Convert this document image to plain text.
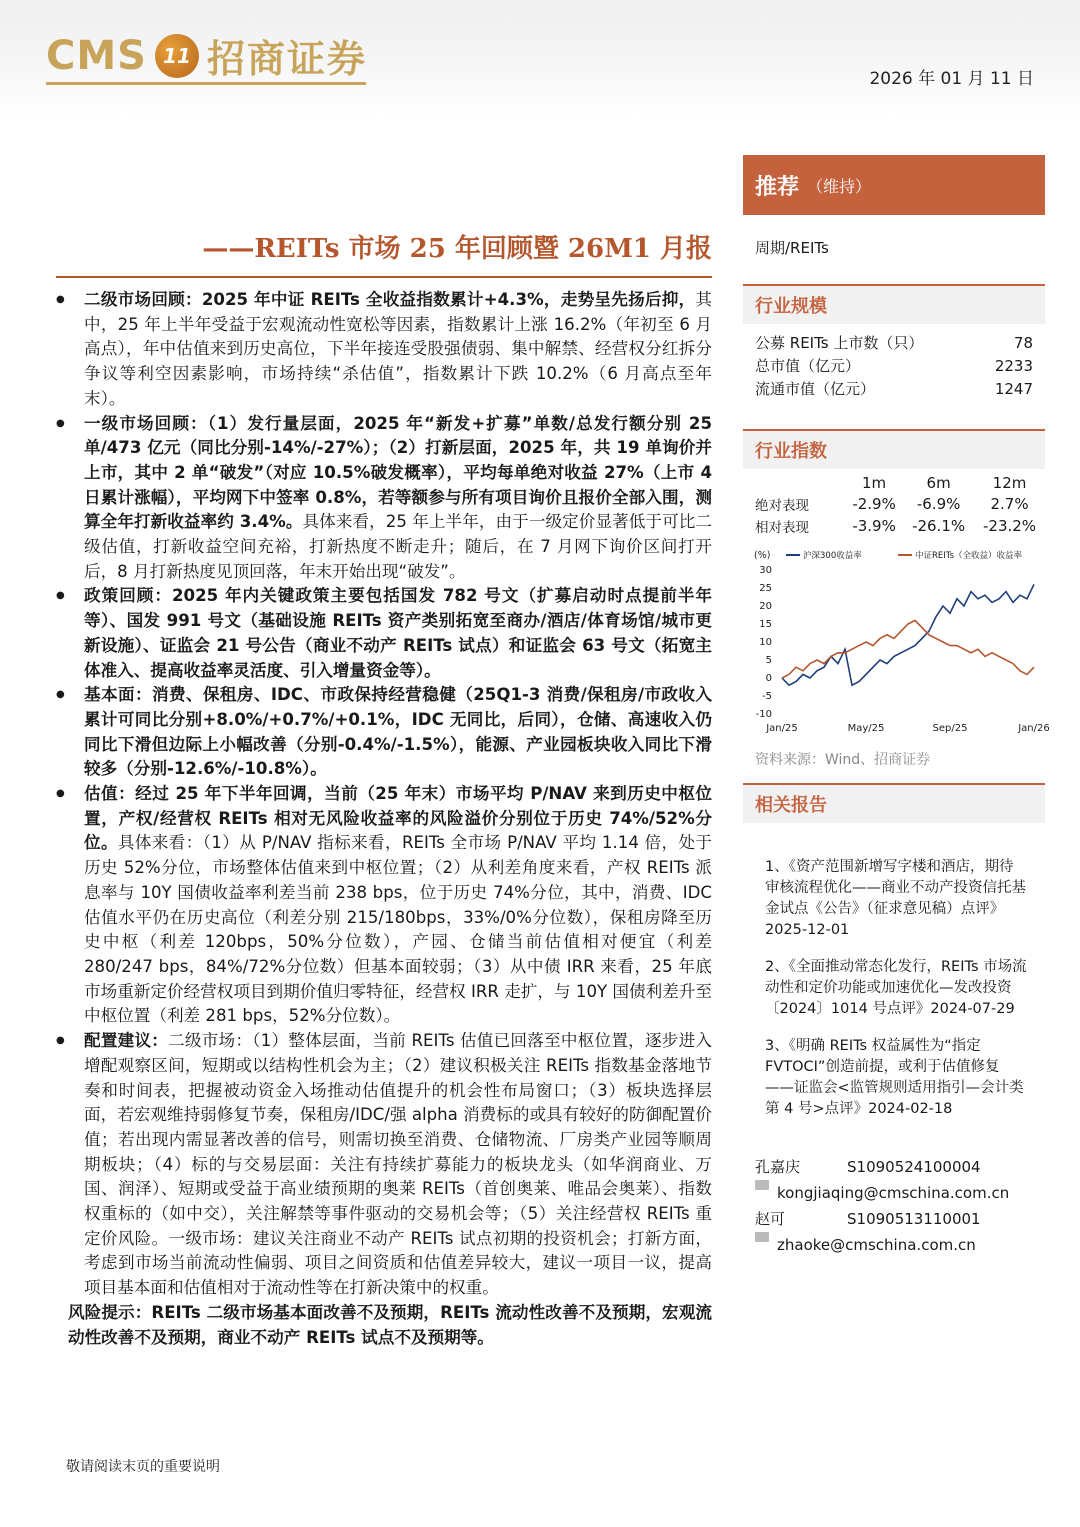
CMS 11 招商证券	2026 年 01 月 11 日
——REITs 市场 25 年回顾暨 26M1 月报
● 二级市场回顾：2025 年中证 REITs 全收益指数累计+4.3%，走势呈先扬后抑，其中，25 年上半年受益于宏观流动性宽松等因素，指数累计上涨 16.2%（年初至 6 月高点），年中估值来到历史高位，下半年接连受股强债弱、集中解禁、经营权分红拆分争议等利空因素影响，市场持续“杀估值”，指数累计下跌 10.2%（6 月高点至年末）。
● 一级市场回顾：（1）发行量层面，2025 年“新发+扩募”单数/总发行额分别 25 单/473 亿元（同比分别-14%/-27%）；（2）打新层面，2025 年，共 19 单询价并上市，其中 2 单“破发”（对应 10.5%破发概率），平均每单绝对收益 27%（上市 4 日累计涨幅），平均网下中签率 0.8%，若等额参与所有项目询价且报价全部入围，测算全年打新收益率约 3.4%。具体来看，25 年上半年，由于一级定价显著低于可比二级估值，打新收益空间充裕，打新热度不断走升；随后，在 7 月网下询价区间打开后，8 月打新热度见顶回落，年末开始出现“破发”。
● 政策回顾：2025 年内关键政策主要包括国发 782 号文（扩募启动时点提前半年等）、国发 991 号文（基础设施 REITs 资产类别拓宽至商办/酒店/体育场馆/城市更新设施）、证监会 21 号公告（商业不动产 REITs 试点）和证监会 63 号文（拓宽主体准入、提高收益率灵活度、引入增量资金等）。
● 基本面：消费、保租房、IDC、市政保持经营稳健（25Q1-3 消费/保租房/市政收入累计可同比分别+8.0%/+0.7%/+0.1%，IDC 无同比，后同），仓储、高速收入仍同比下滑但边际上小幅改善（分别-0.4%/-1.5%），能源、产业园板块收入同比下滑较多（分别-12.6%/-10.8%）。
● 估值：经过 25 年下半年回调，当前（25 年末）市场平均 P/NAV 来到历史中枢位置，产权/经营权 REITs 相对无风险收益率的风险溢价分别位于历史 74%/52%分位。具体来看：（1）从 P/NAV 指标来看，REITs 全市场 P/NAV 平均 1.14 倍，处于历史 52%分位，市场整体估值来到中枢位置；（2）从利差角度来看，产权 REITs 派息率与 10Y 国债收益率利差当前 238 bps，位于历史 74%分位，其中，消费、IDC 估值水平仍在历史高位（利差分别 215/180bps，33%/0%分位数），保租房降至历史中枢（利差 120bps，50%分位数），产园、仓储当前估值相对便宜（利差 280/247 bps，84%/72%分位数）但基本面较弱；（3）从中债 IRR 来看，25 年底市场重新定价经营权项目到期价值归零特征，经营权 IRR 走扩，与 10Y 国债利差升至中枢位置（利差 281 bps，52%分位数）。
● 配置建议：二级市场：（1）整体层面，当前 REITs 估值已回落至中枢位置，逐步进入增配观察区间，短期或以结构性机会为主；（2）建议积极关注 REITs 指数基金落地节奏和时间表，把握被动资金入场推动估值提升的机会性布局窗口；（3）板块选择层面，若宏观维持弱修复节奏，保租房/IDC/强 alpha 消费标的或具有较好的防御配置价值；若出现内需显著改善的信号，则需切换至消费、仓储物流、厂房类产业园等顺周期板块；（4）标的与交易层面：关注有持续扩募能力的板块龙头（如华润商业、万国、润泽）、短期或受益于高业绩预期的奥莱 REITs（首创奥莱、唯品会奥莱）、指数权重标的（如中交），关注解禁等事件驱动的交易机会等；（5）关注经营权 REITs 重定价风险。一级市场：建议关注商业不动产 REITs 试点初期的投资机会；打新方面，考虑到市场当前流动性偏弱、项目之间资质和估值差异较大，建议一项目一议，提高项目基本面和估值相对于流动性等在打新决策中的权重。
风险提示：REITs 二级市场基本面改善不及预期，REITs 流动性改善不及预期，宏观流动性改善不及预期，商业不动产 REITs 试点不及预期等。
敬请阅读末页的重要说明
推荐 （维持）
周期/REITs
行业规模
公募 REITs 上市数（只）	78
总市值（亿元）	2233
流通市值（亿元）	1247
行业指数
	1m	6m	12m
绝对表现	-2.9%	-6.9%	2.7%
相对表现	-3.9%	-26.1%	-23.2%
资料来源：Wind、招商证券
相关报告
1、《资产范围新增写字楼和酒店，期待审核流程优化——商业不动产投资信托基金试点《公告》（征求意见稿）点评》2025-12-01
2、《全面推动常态化发行，REITs 市场流动性和定价功能或加速优化—发改投资〔2024〕1014 号点评》2024-07-29
3、《明确 REITs 权益属性为“指定 FVTOCI”创造前提，或利于估值修复——证监会<监管规则适用指引—会计类第 4 号>点评》2024-02-18
孔嘉庆	S1090524100004
kongjiaqing@cmschina.com.cn
赵可	S1090513110001
zhaoke@cmschina.com.cn
(%)	沪深300收益率	中证REITs（全收益）收益率
30
25
20
15
10
5
0
-5
-10
Jan/25	May/25	Sep/25	Jan/26
